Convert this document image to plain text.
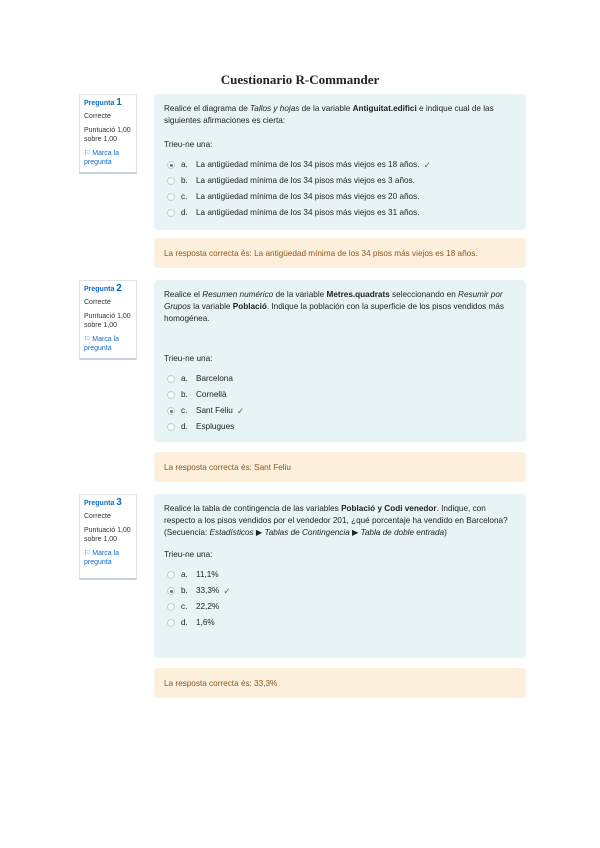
Cuestionario R-Commander
Pregunta 1
Correcte
Puntuació 1,00
sobre 1,00
⚐ Marca la pregunta
Realice el diagrama de Tallos y hojas de la variable Antiguitat.edifici e indique cual de las siguientes afirmaciones es cierta:
Trieu-ne una:
a. La antigüedad mínima de los 34 pisos más viejos es 18 años. ✓
b. La antigüedad mínima de los 34 pisos más viejos es 3 años.
c.	La antigüedad mínima de los 34 pisos más viejos es 20 años.
d. La antigüedad mínima de los 34 pisos más viejos es 31 años.
La resposta correcta és: La antigüedad mínima de los 34 pisos más viejos es 18 años.
Pregunta 2
Correcte
Puntuació 1,00
sobre 1,00
⚐ Marca la pregunta
Realice el Resumen numérico de la variable Metres.quadrats seleccionando en Resumir por Grupos la variable Població. Indique la población con la superficie de los pisos vendidos más homogénea.
Trieu-ne una:
a. Barcelona
b. Cornellà
c.	Sant Feliu ✓
d. Esplugues
La resposta correcta és: Sant Feliu
Pregunta 3
Correcte
Puntuació 1,00
sobre 1,00
⚐ Marca la pregunta
Realice la tabla de contingencia de las variables Població y Codi venedor. Indique, con respecto a los pisos vendidos por el vendedor 201, ¿qué porcentaje ha vendido en Barcelona?
(Secuencia: Estadísticos ▶ Tablas de Contingencia ▶ Tabla de doble entrada)
Trieu-ne una:
a. 11,1%
b. 33,3% ✓
c.	22,2%
d. 1,6%
La resposta correcta és: 33,3%
